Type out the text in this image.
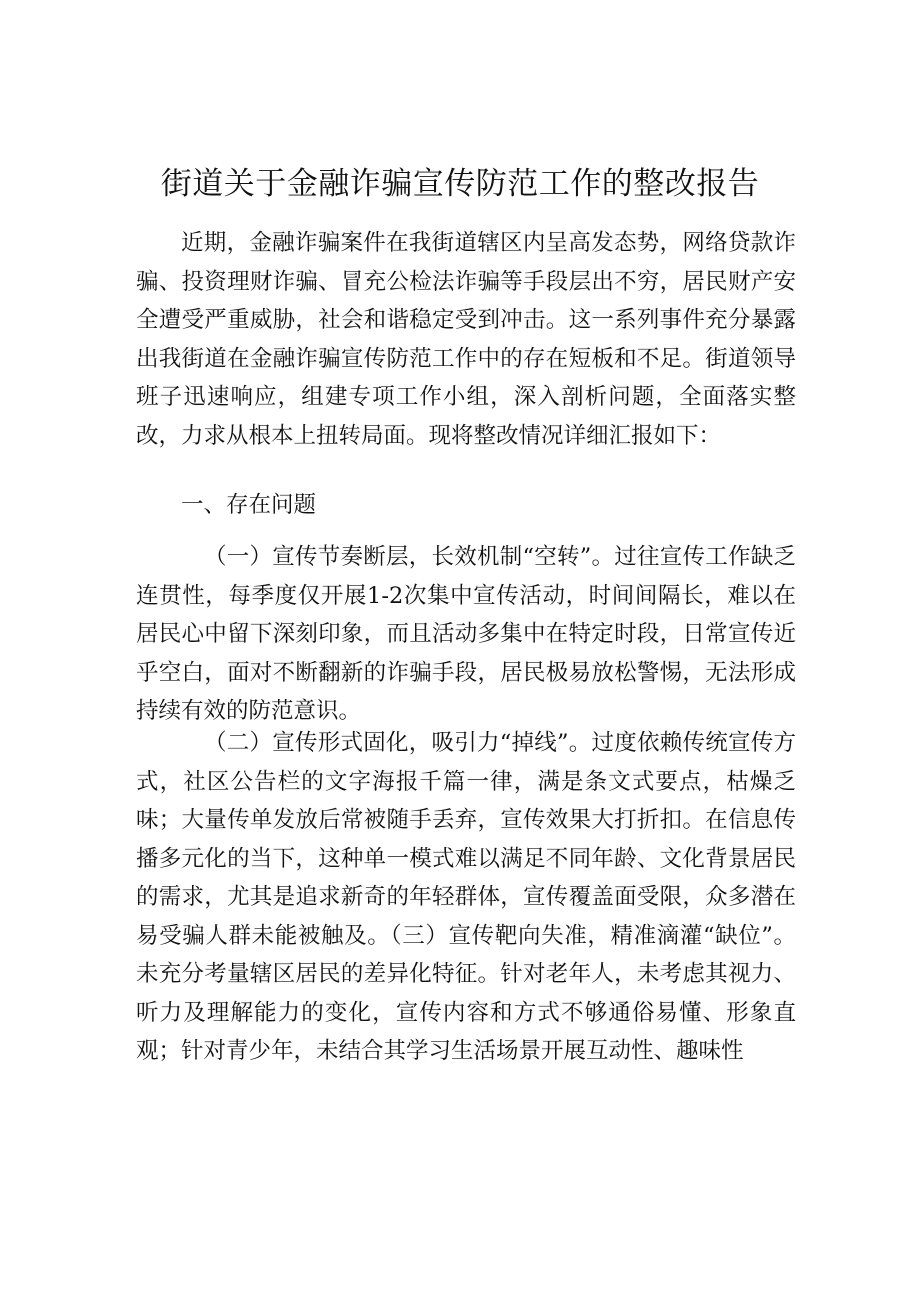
街道关于金融诈骗宣传防范工作的整改报告

近期，金融诈骗案件在我街道辖区内呈高发态势，网络贷款诈骗、投资理财诈骗、冒充公检法诈骗等手段层出不穷，居民财产安全遭受严重威胁，社会和谐稳定受到冲击。这一系列事件充分暴露出我街道在金融诈骗宣传防范工作中的存在短板和不足。街道领导班子迅速响应，组建专项工作小组，深入剖析问题，全面落实整改，力求从根本上扭转局面。现将整改情况详细汇报如下：

一、存在问题

（一）宣传节奏断层，长效机制“空转”。过往宣传工作缺乏连贯性，每季度仅开展1-2次集中宣传活动，时间间隔长，难以在居民心中留下深刻印象，而且活动多集中在特定时段，日常宣传近乎空白，面对不断翻新的诈骗手段，居民极易放松警惕，无法形成持续有效的防范意识。

（二）宣传形式固化，吸引力“掉线”。过度依赖传统宣传方式，社区公告栏的文字海报千篇一律，满是条文式要点，枯燥乏味；大量传单发放后常被随手丢弃，宣传效果大打折扣。在信息传播多元化的当下，这种单一模式难以满足不同年龄、文化背景居民的需求，尤其是追求新奇的年轻群体，宣传覆盖面受限，众多潜在易受骗人群未能被触及。（三）宣传靶向失准，精准滴灌“缺位”。未充分考量辖区居民的差异化特征。针对老年人，未考虑其视力、听力及理解能力的变化，宣传内容和方式不够通俗易懂、形象直观；针对青少年，未结合其学习生活场景开展互动性、趣味性
